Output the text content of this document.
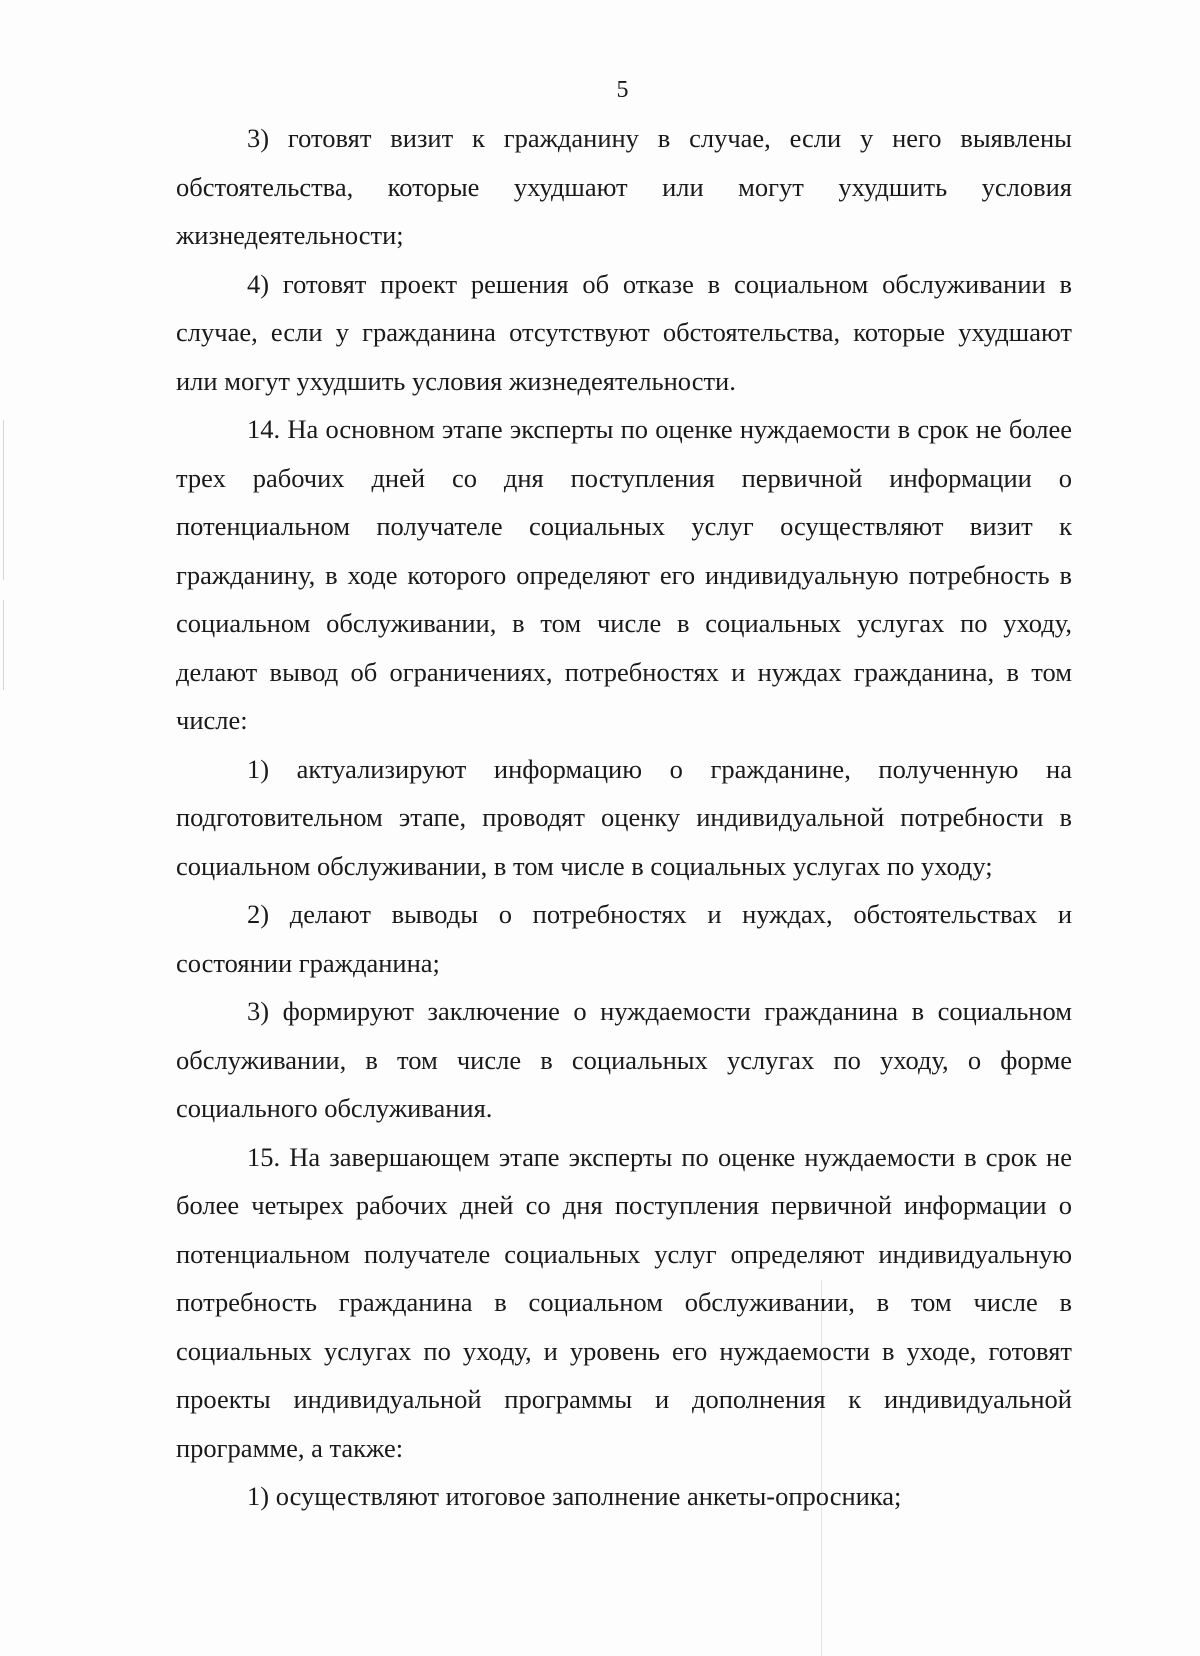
5

3) готовят визит к гражданину в случае, если у него выявлены обстоятельства, которые ухудшают или могут ухудшить условия жизнедеятельности;

4) готовят проект решения об отказе в социальном обслуживании в случае, если у гражданина отсутствуют обстоятельства, которые ухудшают или могут ухудшить условия жизнедеятельности.

14. На основном этапе эксперты по оценке нуждаемости в срок не более трех рабочих дней со дня поступления первичной информации о потенциальном получателе социальных услуг осуществляют визит к гражданину, в ходе которого определяют его индивидуальную потребность в социальном обслуживании, в том числе в социальных услугах по уходу, делают вывод об ограничениях, потребностях и нуждах гражданина, в том числе:

1) актуализируют информацию о гражданине, полученную на подготовительном этапе, проводят оценку индивидуальной потребности в социальном обслуживании, в том числе в социальных услугах по уходу;

2) делают выводы о потребностях и нуждах, обстоятельствах и состоянии гражданина;

3) формируют заключение о нуждаемости гражданина в социальном обслуживании, в том числе в социальных услугах по уходу, о форме социального обслуживания.

15. На завершающем этапе эксперты по оценке нуждаемости в срок не более четырех рабочих дней со дня поступления первичной информации о потенциальном получателе социальных услуг определяют индивидуальную потребность гражданина в социальном обслуживании, в том числе в социальных услугах по уходу, и уровень его нуждаемости в уходе, готовят проекты индивидуальной программы и дополнения к индивидуальной программе, а также:

1) осуществляют итоговое заполнение анкеты-опросника;
